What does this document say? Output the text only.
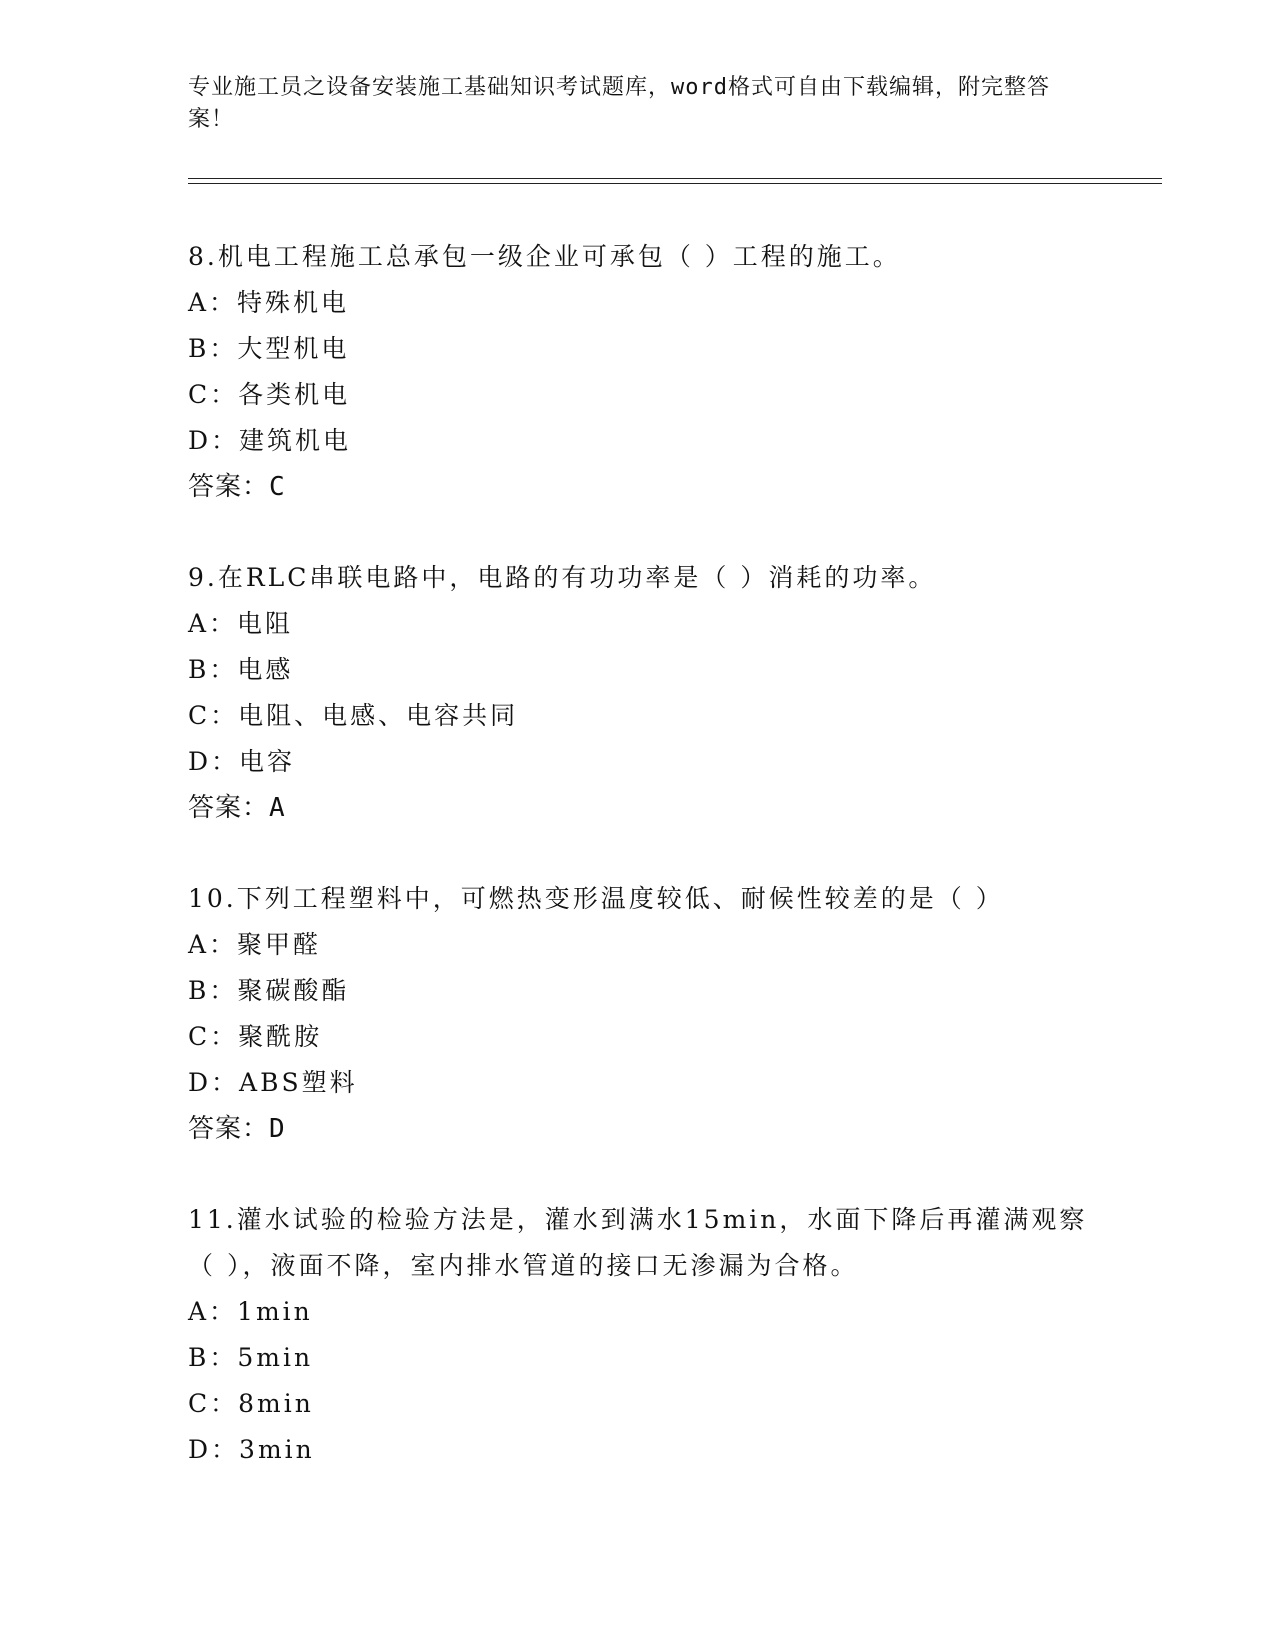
专业施工员之设备安装施工基础知识考试题库，word格式可自由下载编辑，附完整答案！
8.机电工程施工总承包一级企业可承包（ ）工程的施工。
A：特殊机电
B：大型机电
C：各类机电
D：建筑机电
答案：C
9.在RLC串联电路中，电路的有功功率是（ ）消耗的功率。
A：电阻
B：电感
C：电阻、电感、电容共同
D：电容
答案：A
10.下列工程塑料中，可燃热变形温度较低、耐候性较差的是（ ）
A：聚甲醛
B：聚碳酸酯
C：聚酰胺
D：ABS塑料
答案：D
11.灌水试验的检验方法是，灌水到满水15min，水面下降后再灌满观察（ ），液面不降，室内排水管道的接口无渗漏为合格。
A：1min
B：5min
C：8min
D：3min
